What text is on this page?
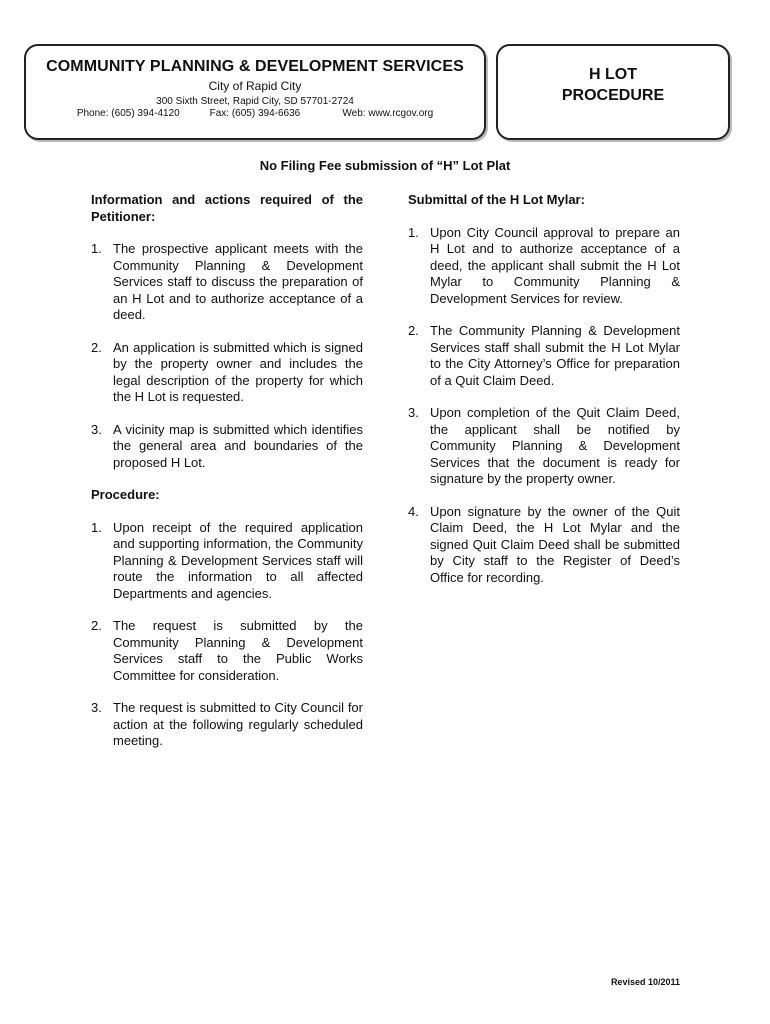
COMMUNITY PLANNING & DEVELOPMENT SERVICES
City of Rapid City
300 Sixth Street, Rapid City, SD 57701-2724
Phone: (605) 394-4120	Fax: (605) 394-6636	Web: www.rcgov.org
H LOT
PROCEDURE
No Filing Fee submission of “H” Lot Plat
Information and actions required of the Petitioner:
1. The prospective applicant meets with the Community Planning & Development Services staff to discuss the preparation of an H Lot and to authorize acceptance of a deed.
2. An application is submitted which is signed by the property owner and includes the legal description of the property for which the H Lot is requested.
3. A vicinity map is submitted which identifies the general area and boundaries of the proposed H Lot.
Procedure:
1. Upon receipt of the required application and supporting information, the Community Planning & Development Services staff will route the information to all affected Departments and agencies.
2. The request is submitted by the Community Planning & Development Services staff to the Public Works Committee for consideration.
3. The request is submitted to City Council for action at the following regularly scheduled meeting.
Submittal of the H Lot Mylar:
1. Upon City Council approval to prepare an H Lot and to authorize acceptance of a deed, the applicant shall submit the H Lot Mylar to Community Planning & Development Services for review.
2. The Community Planning & Development Services staff shall submit the H Lot Mylar to the City Attorney’s Office for preparation of a Quit Claim Deed.
3. Upon completion of the Quit Claim Deed, the applicant shall be notified by Community Planning & Development Services that the document is ready for signature by the property owner.
4. Upon signature by the owner of the Quit Claim Deed, the H Lot Mylar and the signed Quit Claim Deed shall be submitted by City staff to the Register of Deed’s Office for recording.
Revised 10/2011
